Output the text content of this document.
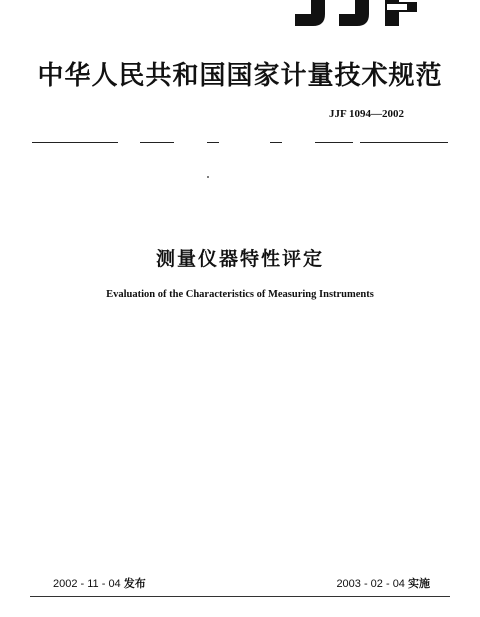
中华人民共和国国家计量技术规范
JJF 1094—2002
测量仪器特性评定
Evaluation of the Characteristics of Measuring Instruments
2002 - 11 - 04 发布	2003 - 02 - 04 实施
